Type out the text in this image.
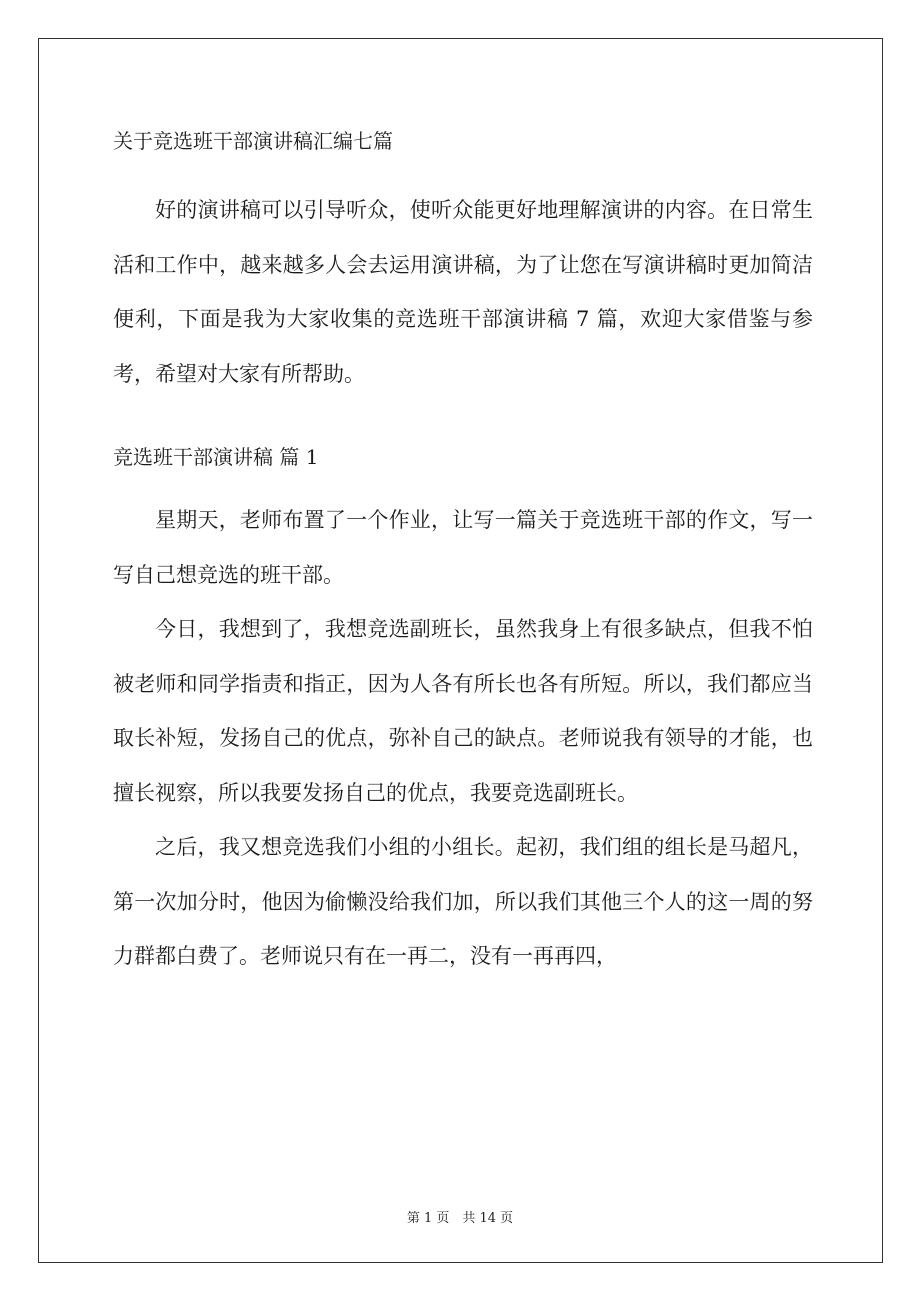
关于竞选班干部演讲稿汇编七篇

好的演讲稿可以引导听众，使听众能更好地理解演讲的内容。在日常生活和工作中，越来越多人会去运用演讲稿，为了让您在写演讲稿时更加简洁便利，下面是我为大家收集的竞选班干部演讲稿 7 篇，欢迎大家借鉴与参考，希望对大家有所帮助。

竞选班干部演讲稿 篇 1

星期天，老师布置了一个作业，让写一篇关于竞选班干部的作文，写一写自己想竞选的班干部。

今日，我想到了，我想竞选副班长，虽然我身上有很多缺点，但我不怕被老师和同学指责和指正，因为人各有所长也各有所短。所以，我们都应当取长补短，发扬自己的优点，弥补自己的缺点。老师说我有领导的才能，也擅长视察，所以我要发扬自己的优点，我要竞选副班长。

之后，我又想竞选我们小组的小组长。起初，我们组的组长是马超凡，第一次加分时，他因为偷懒没给我们加，所以我们其他三个人的这一周的努力群都白费了。老师说只有在一再二，没有一再再四，

第 1 页　共 14 页
